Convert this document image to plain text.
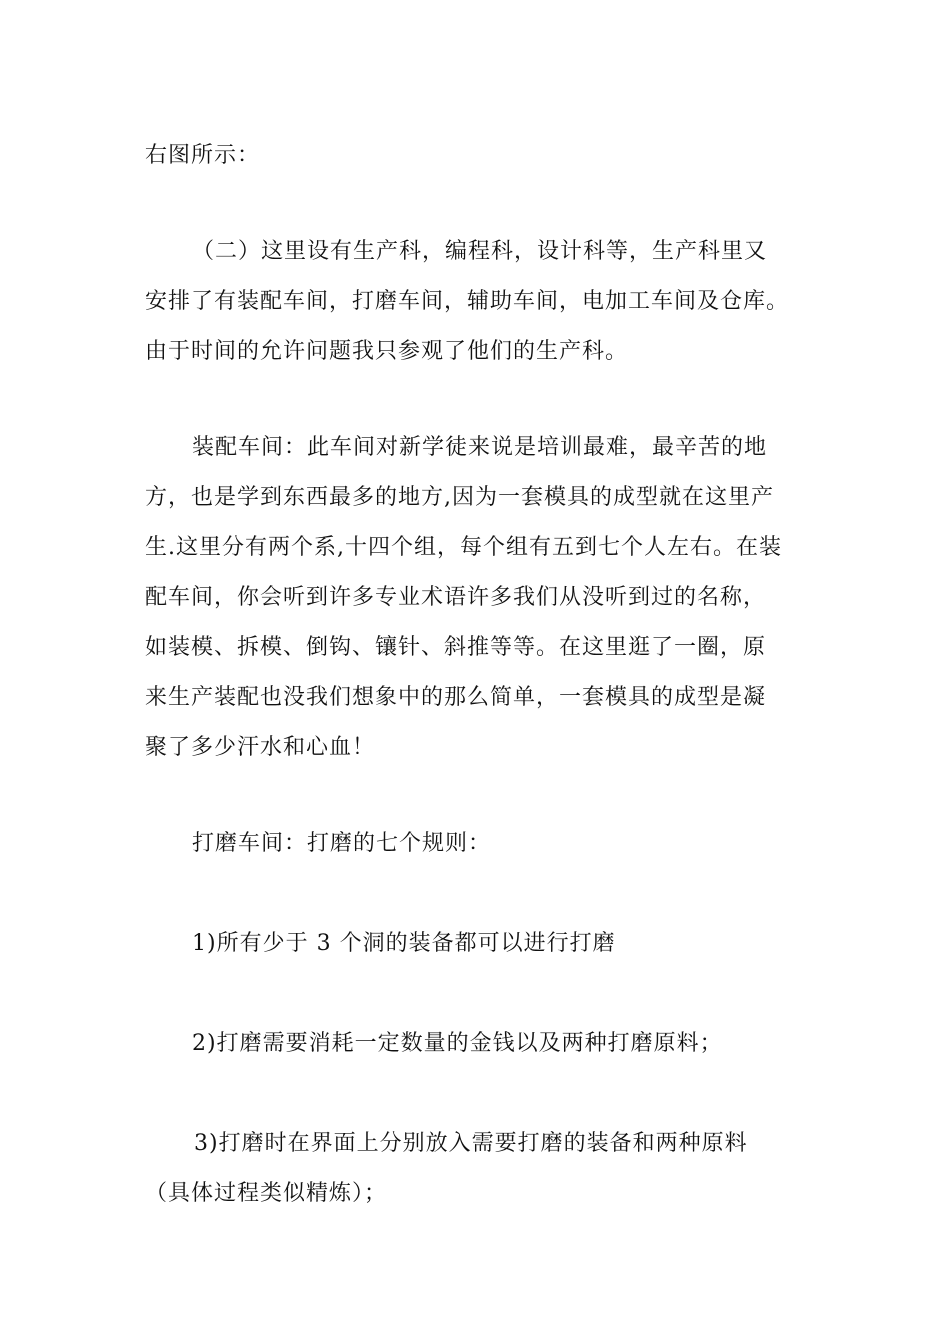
右图所示：
（二）这里设有生产科，编程科，设计科等，生产科里又
安排了有装配车间，打磨车间，辅助车间，电加工车间及仓库。
由于时间的允许问题我只参观了他们的生产科。
装配车间：此车间对新学徒来说是培训最难，最辛苦的地
方，也是学到东西最多的地方,因为一套模具的成型就在这里产
生.这里分有两个系,十四个组，每个组有五到七个人左右。在装
配车间，你会听到许多专业术语许多我们从没听到过的名称，
如装模、拆模、倒钩、镶针、斜推等等。在这里逛了一圈，原
来生产装配也没我们想象中的那么简单，一套模具的成型是凝
聚了多少汗水和心血！
打磨车间：打磨的七个规则：
1)所有少于 3 个洞的装备都可以进行打磨
2)打磨需要消耗一定数量的金钱以及两种打磨原料；
3)打磨时在界面上分别放入需要打磨的装备和两种原料
（具体过程类似精炼）；
